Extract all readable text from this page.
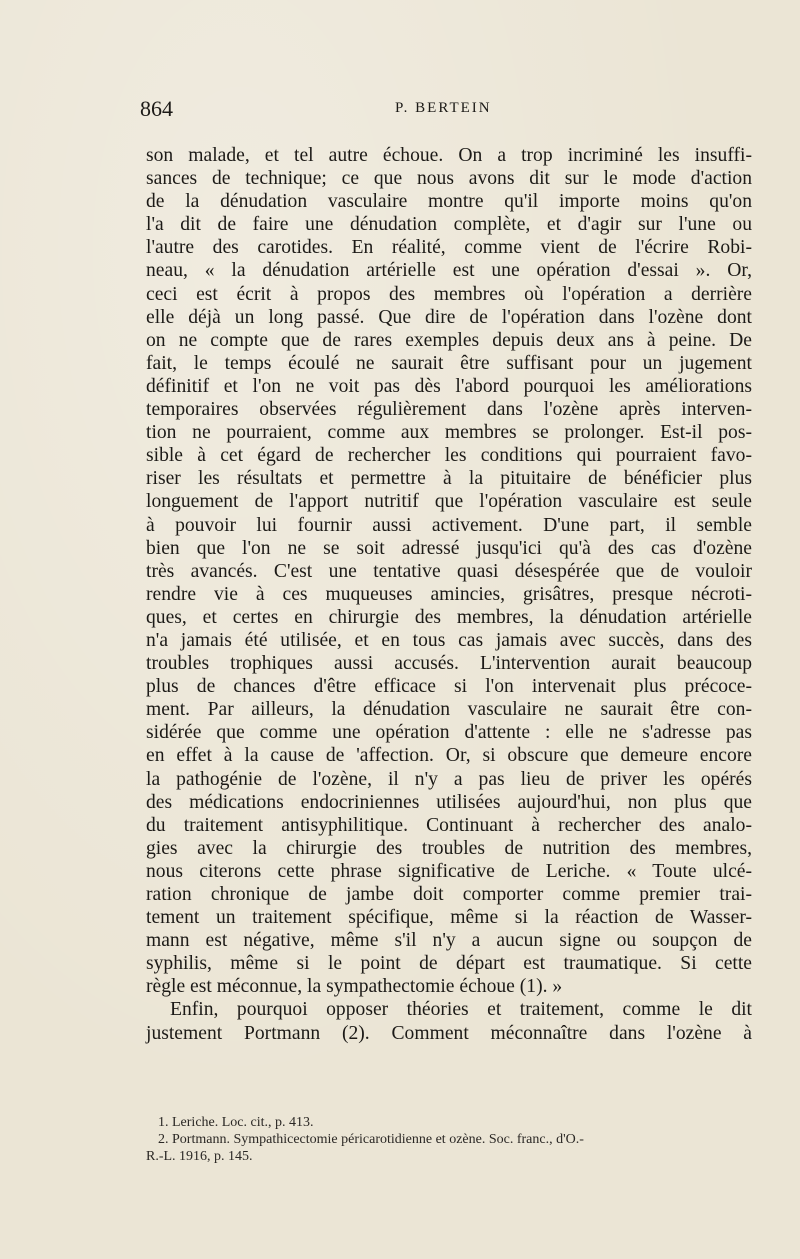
864	P. BERTEIN
son malade, et tel autre échoue. On a trop incriminé les insuffi-
sances de technique; ce que nous avons dit sur le mode d'action
de la dénudation vasculaire montre qu'il importe moins qu'on
l'a dit de faire une dénudation complète, et d'agir sur l'une ou
l'autre des carotides. En réalité, comme vient de l'écrire Robi-
neau, « la dénudation artérielle est une opération d'essai ». Or,
ceci est écrit à propos des membres où l'opération a derrière
elle déjà un long passé. Que dire de l'opération dans l'ozène dont
on ne compte que de rares exemples depuis deux ans à peine. De
fait, le temps écoulé ne saurait être suffisant pour un jugement
définitif et l'on ne voit pas dès l'abord pourquoi les améliorations
temporaires observées régulièrement dans l'ozène après interven-
tion ne pourraient, comme aux membres se prolonger. Est-il pos-
sible à cet égard de rechercher les conditions qui pourraient favo-
riser les résultats et permettre à la pituitaire de bénéficier plus
longuement de l'apport nutritif que l'opération vasculaire est seule
à pouvoir lui fournir aussi activement. D'une part, il semble
bien que l'on ne se soit adressé jusqu'ici qu'à des cas d'ozène
très avancés. C'est une tentative quasi désespérée que de vouloir
rendre vie à ces muqueuses amincies, grisâtres, presque nécroti-
ques, et certes en chirurgie des membres, la dénudation artérielle
n'a jamais été utilisée, et en tous cas jamais avec succès, dans des
troubles trophiques aussi accusés. L'intervention aurait beaucoup
plus de chances d'être efficace si l'on intervenait plus précoce-
ment. Par ailleurs, la dénudation vasculaire ne saurait être con-
sidérée que comme une opération d'attente : elle ne s'adresse pas
en effet à la cause de 'affection. Or, si obscure que demeure encore
la pathogénie de l'ozène, il n'y a pas lieu de priver les opérés
des médications endocriniennes utilisées aujourd'hui, non plus que
du traitement antisyphilitique. Continuant à rechercher des analo-
gies avec la chirurgie des troubles de nutrition des membres,
nous citerons cette phrase significative de Leriche. « Toute ulcé-
ration chronique de jambe doit comporter comme premier trai-
tement un traitement spécifique, même si la réaction de Wasser-
mann est négative, même s'il n'y a aucun signe ou soupçon de
syphilis, même si le point de départ est traumatique. Si cette
règle est méconnue, la sympathectomie échoue (1). »
Enfin, pourquoi opposer théories et traitement, comme le dit
justement Portmann (2). Comment méconnaître dans l'ozène à
1. Leriche. Loc. cit., p. 413.
2. Portmann. Sympathicectomie péricarotidienne et ozène. Soc. franc., d'O.-
R.-L. 1916, p. 145.
